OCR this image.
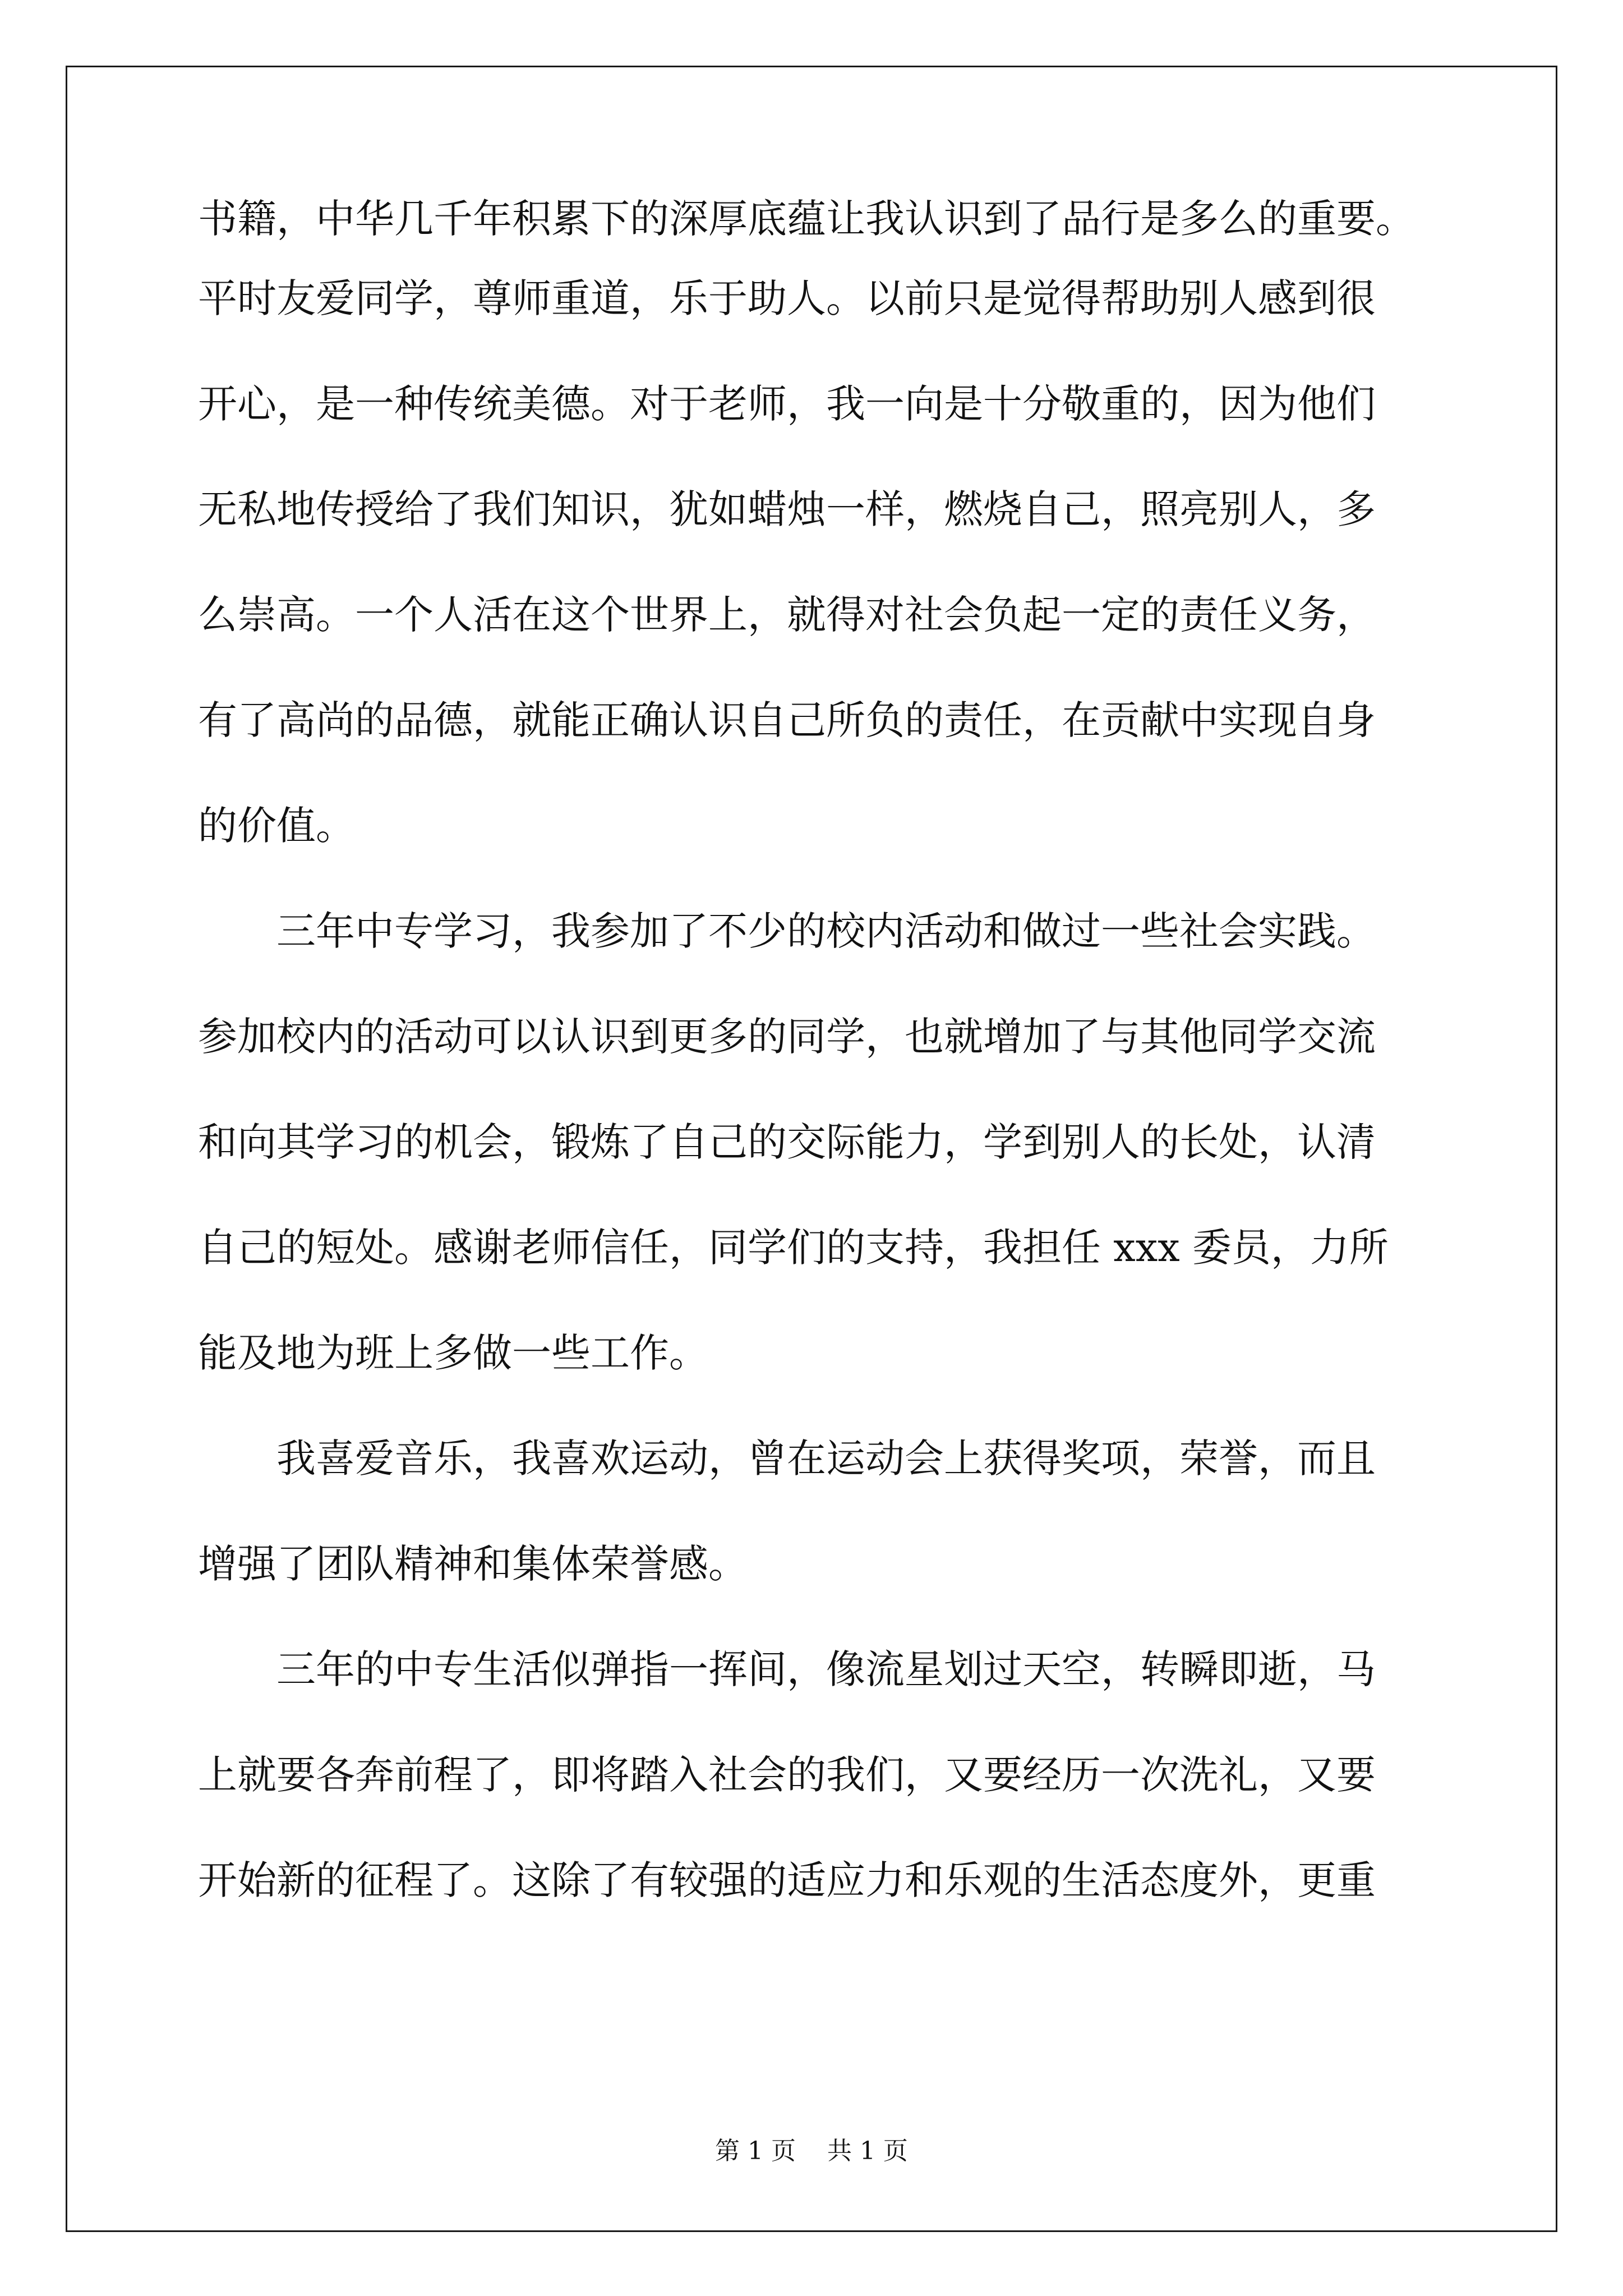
书籍，中华几千年积累下的深厚底蕴让我认识到了品行是多么的重要。
平时友爱同学，尊师重道，乐于助人。以前只是觉得帮助别人感到很
开心，是一种传统美德。对于老师，我一向是十分敬重的，因为他们
无私地传授给了我们知识，犹如蜡烛一样，燃烧自己，照亮别人，多
么崇高。一个人活在这个世界上，就得对社会负起一定的责任义务，
有了高尚的品德，就能正确认识自己所负的责任，在贡献中实现自身
的价值。
三年中专学习，我参加了不少的校内活动和做过一些社会实践。
参加校内的活动可以认识到更多的同学，也就增加了与其他同学交流
和向其学习的机会，锻炼了自己的交际能力，学到别人的长处，认清
自己的短处。感谢老师信任，同学们的支持，我担任 xxx 委员，力所
能及地为班上多做一些工作。
我喜爱音乐，我喜欢运动，曾在运动会上获得奖项，荣誉，而且
增强了团队精神和集体荣誉感。
三年的中专生活似弹指一挥间，像流星划过天空，转瞬即逝，马
上就要各奔前程了，即将踏入社会的我们，又要经历一次洗礼，又要
开始新的征程了。这除了有较强的适应力和乐观的生活态度外，更重
第 1 页    共 1 页
